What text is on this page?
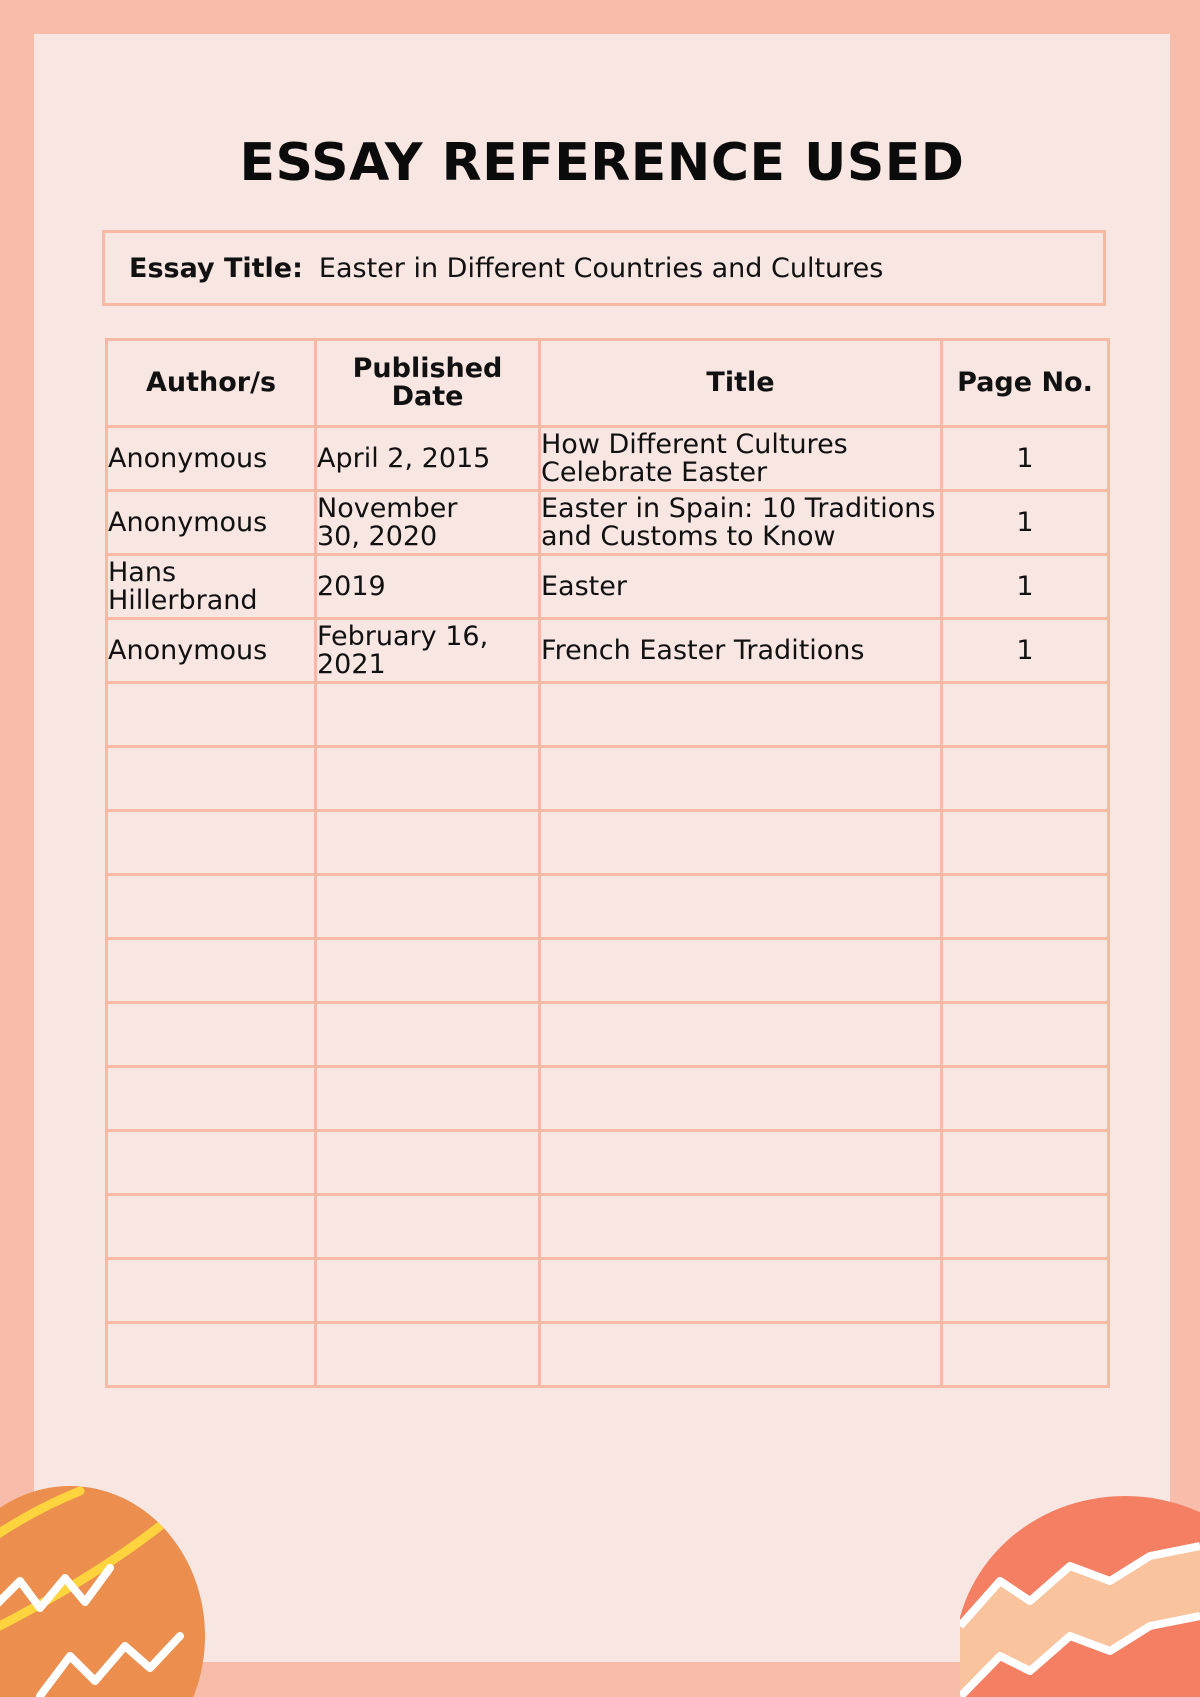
ESSAY REFERENCE USED
Essay Title: Easter in Different Countries and Cultures
Author/s	Published Date	Title	Page No.
Anonymous	April 2, 2015	How Different Cultures Celebrate Easter	1
Anonymous	November 30, 2020	Easter in Spain: 10 Traditions and Customs to Know	1

Hans Hillerbrand	2019	Easter	1
Anonymous	February 16, 2021	French Easter Traditions	1
